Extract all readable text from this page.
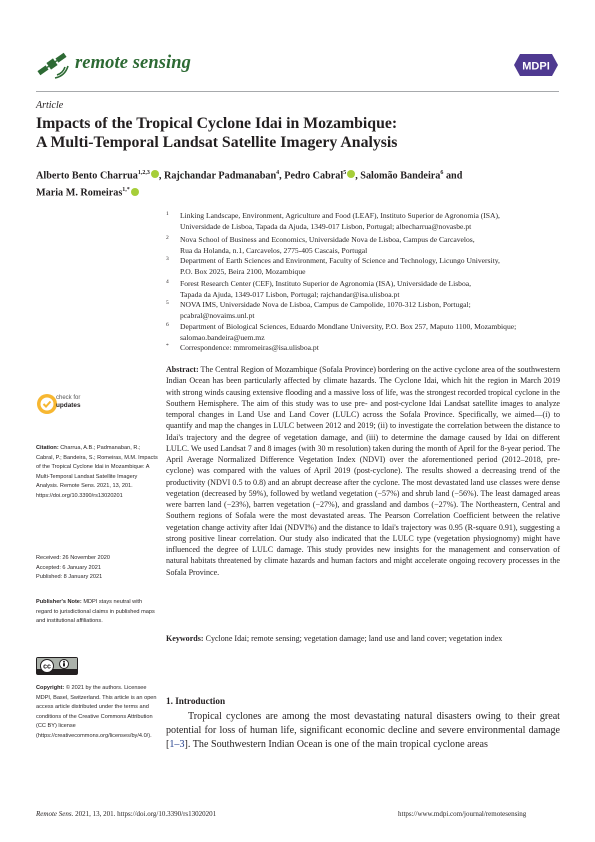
remote sensing	MDPI
Article
Impacts of the Tropical Cyclone Idai in Mozambique:
A Multi-Temporal Landsat Satellite Imagery Analysis
Alberto Bento Charrua$^{1,2,3}$ , Rajchandar Padmanaban$^4$, Pedro Cabral$^5$ , Salomão Bandeira$^6$ and
Maria M. Romeiras$^{1,*}$
1 Linking Landscape, Environment, Agriculture and Food (LEAF), Instituto Superior de Agronomia (ISA),
Universidade de Lisboa, Tapada da Ajuda, 1349-017 Lisbon, Portugal; albecharrua@novasbe.pt
2 Nova School of Business and Economics, Universidade Nova de Lisboa, Campus de Carcavelos,
Rua da Holanda, n.1, Carcavelos, 2775-405 Cascais, Portugal
3 Department of Earth Sciences and Environment, Faculty of Science and Technology, Licungo University,
P.O. Box 2025, Beira 2100, Mozambique
4 Forest Research Center (CEF), Instituto Superior de Agronomia (ISA), Universidade de Lisboa,
Tapada da Ajuda, 1349-017 Lisbon, Portugal; rajchandar@isa.ulisboa.pt
5 NOVA IMS, Universidade Nova de Lisboa, Campus de Campolide, 1070-312 Lisbon, Portugal;
pcabral@novaims.unl.pt
6 Department of Biological Sciences, Eduardo Mondlane University, P.O. Box 257, Maputo 1100, Mozambique;
salomao.bandeira@uem.mz
* Correspondence: mmromeiras@isa.ulisboa.pt
Abstract: The Central Region of Mozambique (Sofala Province) bordering on the active cyclone area of the southwestern Indian Ocean has been particularly affected by climate hazards. The Cyclone Idai, which hit the region in March 2019 with strong winds causing extensive flooding and a massive loss of life, was the strongest recorded tropical cyclone in the Southern Hemisphere. The aim of this study was to use pre- and post-cyclone Idai Landsat satellite images to analyze temporal changes in Land Use and Land Cover (LULC) across the Sofala Province. Specifically, we aimed—(i) to quantify and map the changes in LULC between 2012 and 2019; (ii) to investigate the correlation between the distance to Idai's trajectory and the degree of vegetation damage, and (iii) to determine the damage caused by Idai on different LULC. We used Landsat 7 and 8 images (with 30 m resolution) taken during the month of April for the 8-year period. The April Average Normalized Difference Vegetation Index (NDVI) over the aforementioned period (2012–2018, pre-cyclone) was compared with the values of April 2019 (post-cyclone). The results showed a decreasing trend of the productivity (NDVI 0.5 to 0.8) and an abrupt decrease after the cyclone. The most devastated land use classes were dense vegetation (decreased by 59%), followed by wetland vegetation (−57%) and shrub land (−56%). The least damaged areas were barren land (−23%), barren vegetation (−27%), and grassland and dambos (−27%). The Northeastern, Central and Southern regions of Sofala were the most devastated areas. The Pearson Correlation Coefficient between the relative vegetation change activity after Idai (NDVI%) and the distance to Idai's trajectory was 0.95 (R-square 0.91), suggesting a strong positive linear correlation. Our study also indicated that the LULC type (vegetation physiognomy) might have influenced the degree of LULC damage. This study provides new insights for the management and conservation of natural habitats threatened by climate hazards and human factors and might accelerate ongoing recovery processes in the Sofala Province.
Keywords: Cyclone Idai; remote sensing; vegetation damage; land use and land cover; vegetation index
check for
updates
Citation: Charrua, A.B.; Padmanaban, R.; Cabral, P.; Bandeira, S.; Romeiras, M.M. Impacts of the Tropical Cyclone Idai in Mozambique: A Multi-Temporal Landsat Satellite Imagery Analysis. Remote Sens. 2021, 13, 201. https://doi.org/10.3390/rs13020201
Received: 26 November 2020
Accepted: 6 January 2021
Published: 8 January 2021
Publisher's Note: MDPI stays neutral with regard to jurisdictional claims in published maps and institutional affiliations.
cc
Copyright: © 2021 by the authors. Licensee MDPI, Basel, Switzerland. This article is an open access article distributed under the terms and conditions of the Creative Commons Attribution (CC BY) license (https://creativecommons.org/licenses/by/4.0/).
1. Introduction
Tropical cyclones are among the most devastating natural disasters owing to their great potential for loss of human life, significant economic decline and severe environmental damage [1–3]. The Southwestern Indian Ocean is one of the main tropical cyclone areas
Remote Sens. 2021, 13, 201. https://doi.org/10.3390/rs13020201	https://www.mdpi.com/journal/remotesensing
